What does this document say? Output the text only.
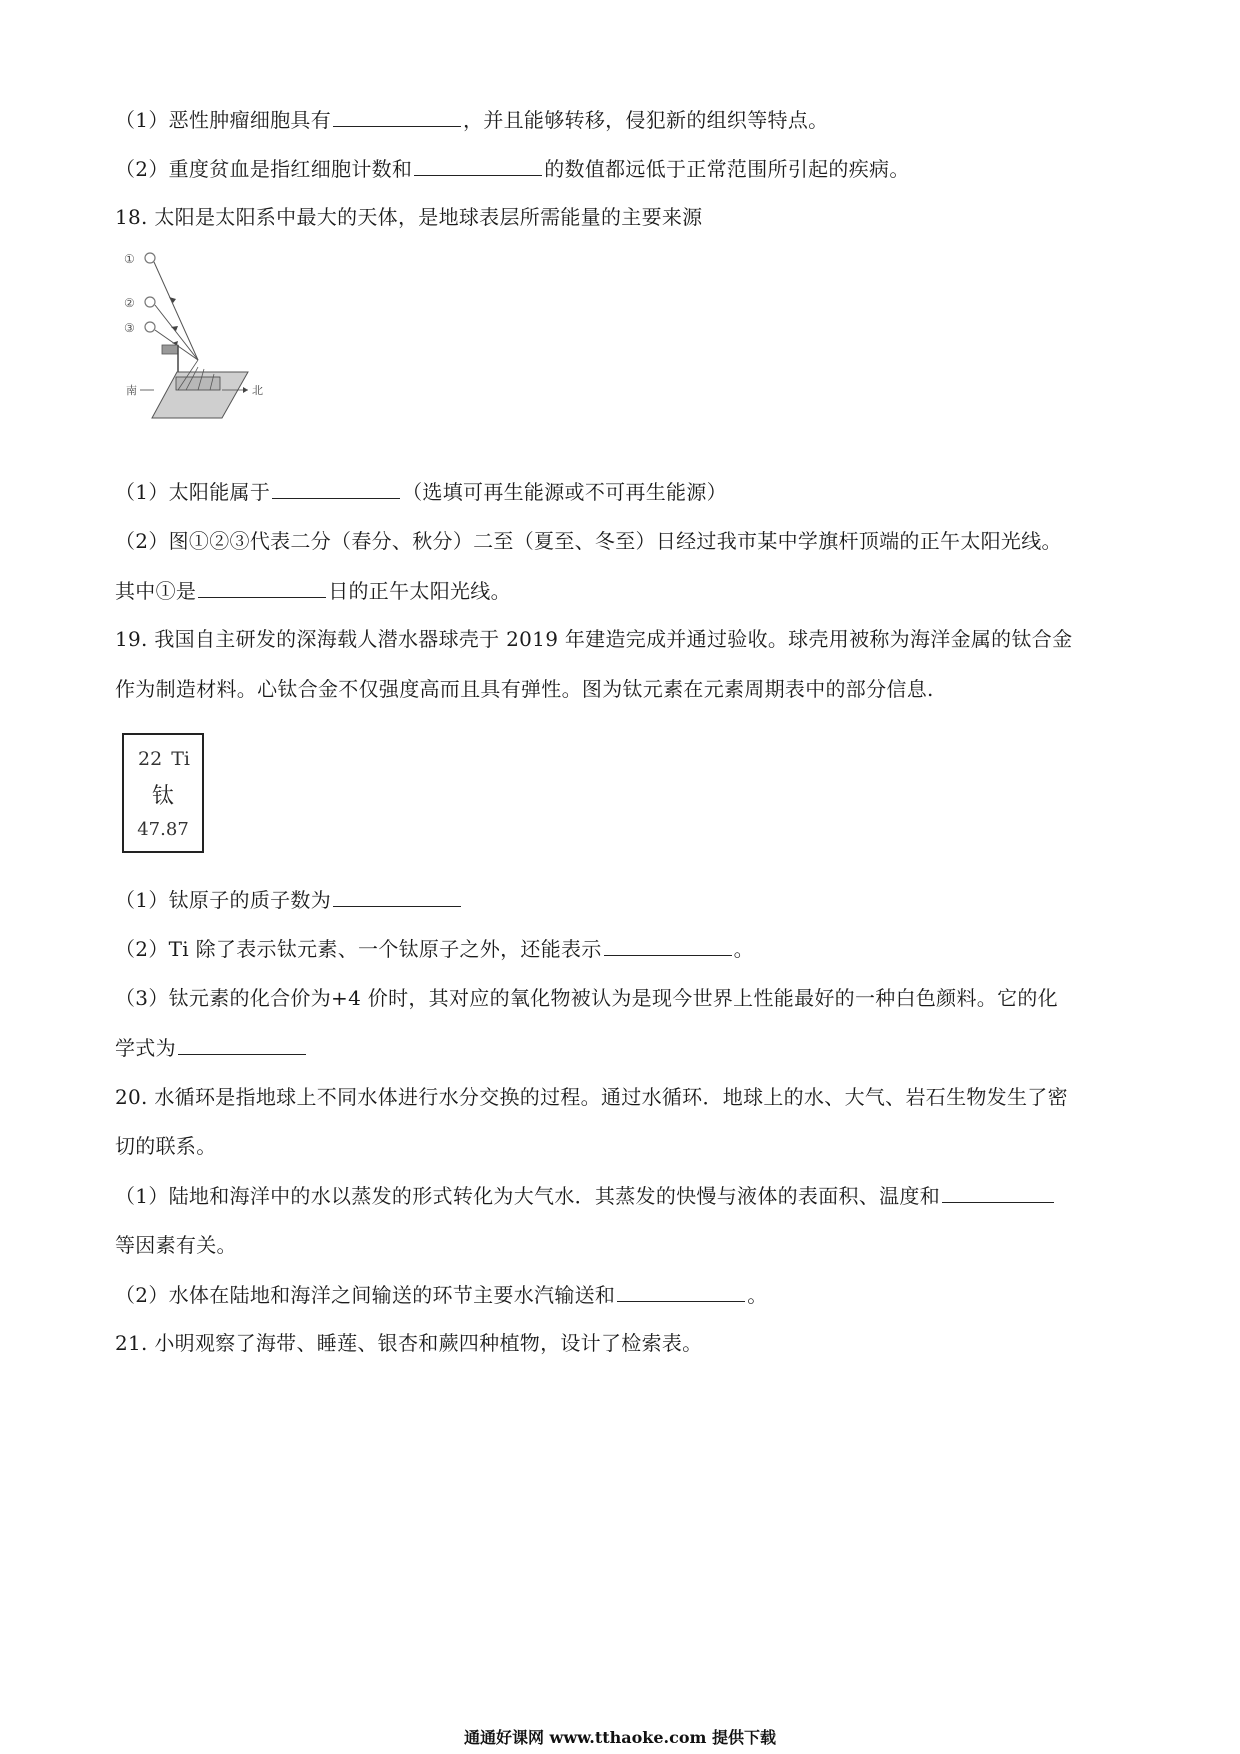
（1）恶性肿瘤细胞具有	，并且能够转移，侵犯新的组织等特点。
（2）重度贫血是指红细胞计数和	的数值都远低于正常范围所引起的疾病。
18. 太阳是太阳系中最大的天体，是地球表层所需能量的主要来源
①
②
③
南	北
（1）太阳能属于	（选填可再生能源或不可再生能源）
（2）图①②③代表二分（春分、秋分）二至（夏至、冬至）日经过我市某中学旗杆顶端的正午太阳光线。
其中①是	日的正午太阳光线。
19. 我国自主研发的深海载人潜水器球壳于 2019 年建造完成并通过验收。球壳用被称为海洋金属的钛合金
作为制造材料。心钛合金不仅强度高而且具有弹性。图为钛元素在元素周期表中的部分信息.
22 Ti
钛
47.87
（1）钛原子的质子数为
（2）Ti 除了表示钛元素、一个钛原子之外，还能表示	。
（3）钛元素的化合价为+4 价时，其对应的氧化物被认为是现今世界上性能最好的一种白色颜料。它的化
学式为
20. 水循环是指地球上不同水体进行水分交换的过程。通过水循环．地球上的水、大气、岩石生物发生了密
切的联系。
（1）陆地和海洋中的水以蒸发的形式转化为大气水．其蒸发的快慢与液体的表面积、温度和
等因素有关。
（2）水体在陆地和海洋之间输送的环节主要水汽输送和	。
21. 小明观察了海带、睡莲、银杏和蕨四种植物，设计了检索表。
通通好课网 www.tthaoke.com 提供下载
